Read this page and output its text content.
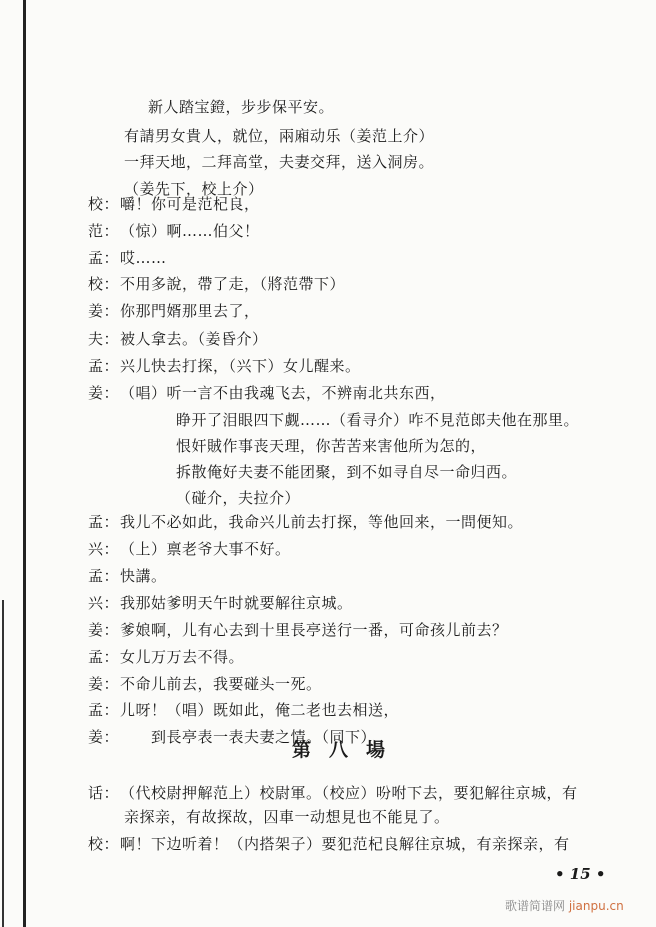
新人踏宝鐙，步步保平安。
有請男女貴人，就位，兩廂动乐（姜范上介）
一拜天地，二拜高堂，夫妻交拜，送入洞房。
（姜先下，校上介）
校：嚼！你可是范杞良，
范：（惊）啊……伯父！
孟：哎……
校：不用多說，帶了走，（將范帶下）
姜：你那門婿那里去了，
夫：被人拿去。（姜昏介）
孟：兴儿快去打探，（兴下）女儿醒来。
姜：（唱）听一言不由我魂飞去，不辨南北共东西，
睁开了泪眼四下觑……（看寻介）咋不見范郎夫他在那里。
恨奸賊作事丧天理，你苦苦来害他所为怎的，
拆散俺好夫妻不能团聚，到不如寻自尽一命归西。
（碰介，夫拉介）
孟：我儿不必如此，我命兴儿前去打探，等他回来，一問便知。
兴：（上）禀老爷大事不好。
孟：快講。
兴：我那姑爹明天午时就要解往京城。
姜：爹娘啊，儿有心去到十里長亭送行一番，可命孩儿前去？
孟：女儿万万去不得。
姜：不命儿前去，我要碰头一死。
孟：儿呀！（唱）既如此，俺二老也去相送，
姜：　　到長亭表一表夫妻之情。（同下）
话：（代校尉押解范上）校尉軍。（校应）吩咐下去，要犯解往京城，有
亲探亲，有故探故，囚車一动想見也不能見了。
校：啊！下边听着！（内搭架子）要犯范杞良解往京城，有亲探亲，有
第八場
• 15 •
歌谱简谱网 jianpu.cn
